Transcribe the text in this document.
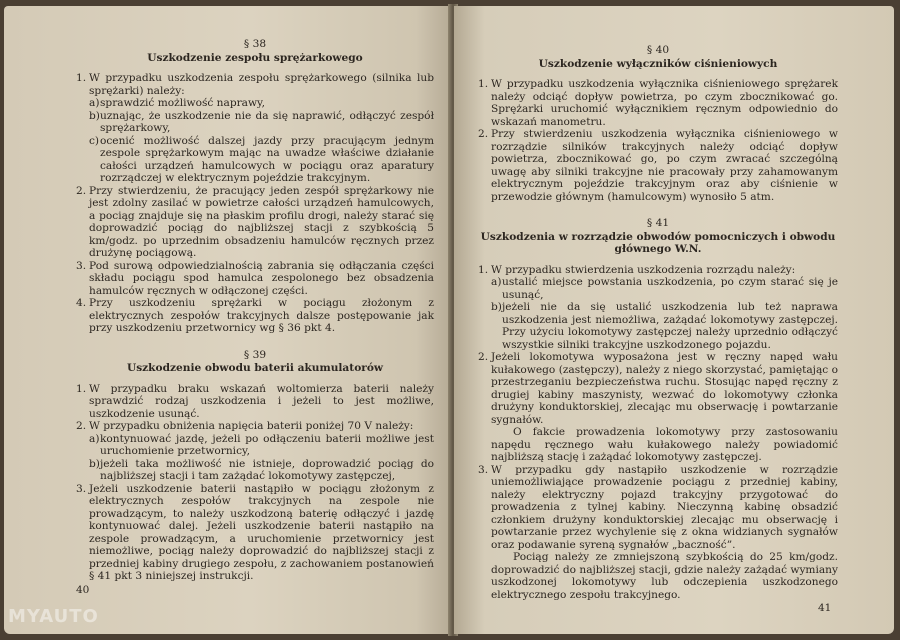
§ 38

Uszkodzenie zespołu sprężarkowego

1. W przypadku uszkodzenia zespołu sprężarkowego (silnika lub sprężarki) należy:
a) sprawdzić możliwość naprawy,
b) uznając, że uszkodzenie nie da się naprawić, odłączyć zespół sprężarkowy,
c) ocenić możliwość dalszej jazdy przy pracującym jednym zespole sprężarkowym mając na uwadze właściwe działanie całości urządzeń hamulcowych w pociągu oraz aparatury rozrządczej w elektrycznym pojeździe trakcyjnym.
2. Przy stwierdzeniu, że pracujący jeden zespół sprężarkowy nie jest zdolny zasilać w powietrze całości urządzeń hamulcowych, a pociąg znajduje się na płaskim profilu drogi, należy starać się doprowadzić pociąg do najbliższej stacji z szybkością 5 km/godz. po uprzednim obsadzeniu hamulców ręcznych przez drużynę pociągową.
3. Pod surową odpowiedzialnością zabrania się odłączania części składu pociągu spod hamulca zespolonego bez obsadzenia hamulców ręcznych w odłączonej części.
4. Przy uszkodzeniu sprężarki w pociągu złożonym z elektrycznych zespołów trakcyjnych dalsze postępowanie jak przy uszkodzeniu przetwornicy wg § 36 pkt 4.

§ 39

Uszkodzenie obwodu baterii akumulatorów

1. W przypadku braku wskazań woltomierza baterii należy sprawdzić rodzaj uszkodzenia i jeżeli to jest możliwe, uszkodzenie usunąć.
2. W przypadku obniżenia napięcia baterii poniżej 70 V należy:
a) kontynuować jazdę, jeżeli po odłączeniu baterii możliwe jest uruchomienie przetwornicy,
b) jeżeli taka możliwość nie istnieje, doprowadzić pociąg do najbliższej stacji i tam zażądać lokomotywy zastępczej,
3. Jeżeli uszkodzenie baterii nastąpiło w pociągu złożonym z elektrycznych zespołów trakcyjnych na zespole nie prowadzącym, to należy uszkodzoną baterię odłączyć i jazdę kontynuować dalej. Jeżeli uszkodzenie baterii nastąpiło na zespole prowadzącym, a uruchomienie przetwornicy jest niemożliwe, pociąg należy doprowadzić do najbliższej stacji z przedniej kabiny drugiego zespołu, z zachowaniem postanowień § 41 pkt 3 niniejszej instrukcji.
40
MYAUTO

§ 40

Uszkodzenie wyłączników ciśnieniowych

1. W przypadku uszkodzenia wyłącznika ciśnieniowego sprężarek należy odciąć dopływ powietrza, po czym zbocznikować go. Sprężarki uruchomić wyłącznikiem ręcznym odpowiednio do wskazań manometru.
2. Przy stwierdzeniu uszkodzenia wyłącznika ciśnieniowego w rozrządzie silników trakcyjnych należy odciąć dopływ powietrza, zbocznikować go, po czym zwracać szczególną uwagę aby silniki trakcyjne nie pracowały przy zahamowanym elektrycznym pojeździe trakcyjnym oraz aby ciśnienie w przewodzie głównym (hamulcowym) wynosiło 5 atm.

§ 41

Uszkodzenia w rozrządzie obwodów pomocniczych i obwodu głównego W.N.

1. W przypadku stwierdzenia uszkodzenia rozrządu należy:
a) ustalić miejsce powstania uszkodzenia, po czym starać się je usunąć,
b) jeżeli nie da się ustalić uszkodzenia lub też naprawa uszkodzenia jest niemożliwa, zażądać lokomotywy zastępczej. Przy użyciu lokomotywy zastępczej należy uprzednio odłączyć wszystkie silniki trakcyjne uszkodzonego pojazdu.
2. Jeżeli lokomotywa wyposażona jest w ręczny napęd wału kułakowego (zastępczy), należy z niego skorzystać, pamiętając o przestrzeganiu bezpieczeństwa ruchu. Stosując napęd ręczny z drugiej kabiny maszynisty, wezwać do lokomotywy członka drużyny konduktorskiej, zlecając mu obserwację i powtarzanie sygnałów.

O fakcie prowadzenia lokomotywy przy zastosowaniu napędu ręcznego wału kułakowego należy powiadomić najbliższą stację i zażądać lokomotywy zastępczej.

3. W przypadku gdy nastąpiło uszkodzenie w rozrządzie uniemożliwiające prowadzenie pociągu z przedniej kabiny, należy elektryczny pojazd trakcyjny przygotować do prowadzenia z tylnej kabiny. Nieczynną kabinę obsadzić członkiem drużyny konduktorskiej zlecając mu obserwację i powtarzanie przez wychylenie się z okna widzianych sygnałów oraz podawanie syreną sygnałów „baczność”.

Pociąg należy ze zmniejszoną szybkością do 25 km/godz. doprowadzić do najbliższej stacji, gdzie należy zażądać wymiany uszkodzonej lokomotywy lub odczepienia uszkodzonego elektrycznego zespołu trakcyjnego.

41
